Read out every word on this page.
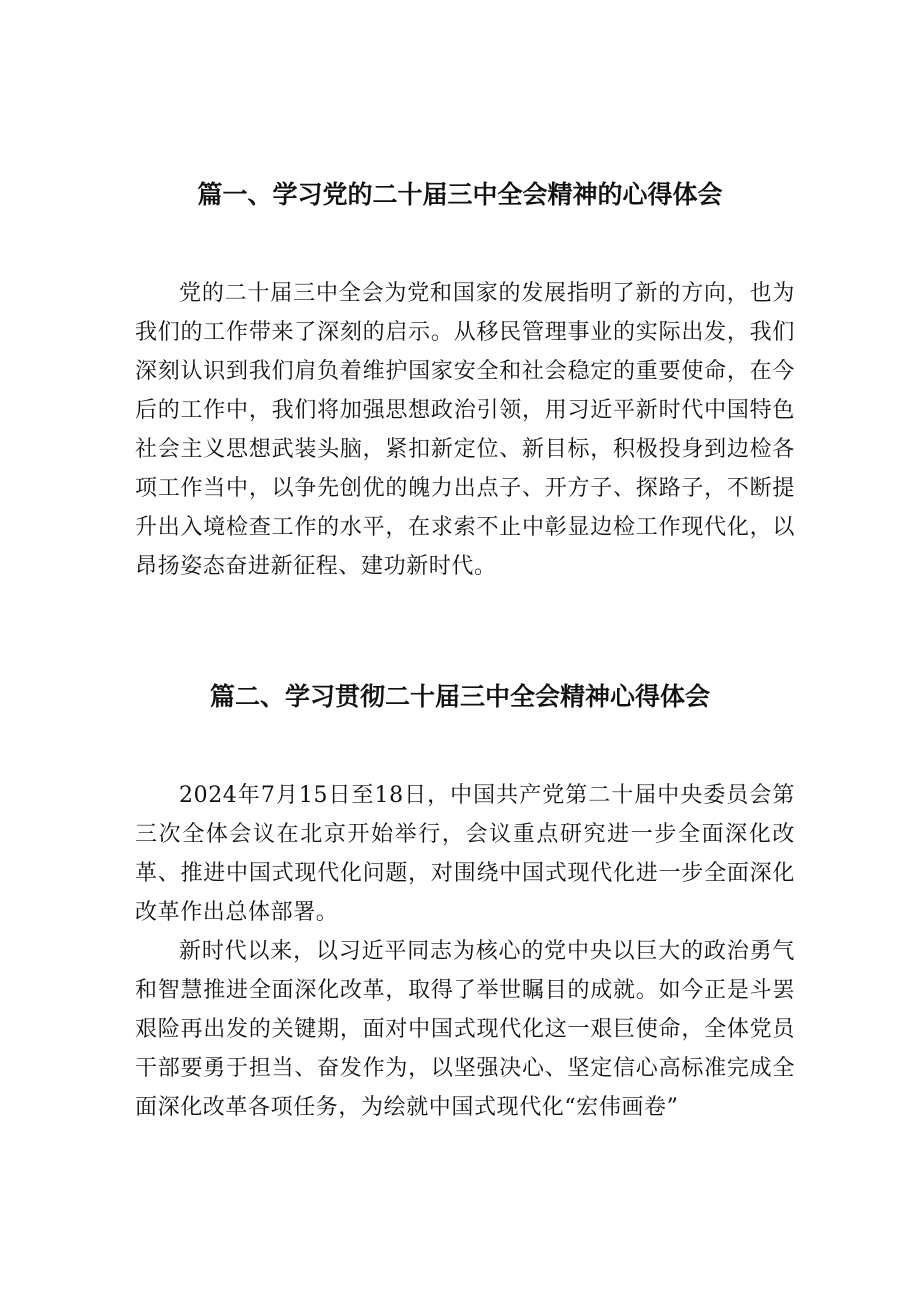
篇一、学习党的二十届三中全会精神的心得体会

党的二十届三中全会为党和国家的发展指明了新的方向，也为我们的工作带来了深刻的启示。从移民管理事业的实际出发，我们深刻认识到我们肩负着维护国家安全和社会稳定的重要使命，在今后的工作中，我们将加强思想政治引领，用习近平新时代中国特色社会主义思想武装头脑，紧扣新定位、新目标，积极投身到边检各项工作当中，以争先创优的魄力出点子、开方子、探路子，不断提升出入境检查工作的水平，在求索不止中彰显边检工作现代化，以昂扬姿态奋进新征程、建功新时代。

篇二、学习贯彻二十届三中全会精神心得体会

2024年7月15日至18日，中国共产党第二十届中央委员会第三次全体会议在北京开始举行，会议重点研究进一步全面深化改革、推进中国式现代化问题，对围绕中国式现代化进一步全面深化改革作出总体部署。

新时代以来，以习近平同志为核心的党中央以巨大的政治勇气和智慧推进全面深化改革，取得了举世瞩目的成就。如今正是斗罢艰险再出发的关键期，面对中国式现代化这一艰巨使命，全体党员干部要勇于担当、奋发作为，以坚强决心、坚定信心高标准完成全面深化改革各项任务，为绘就中国式现代化“宏伟画卷”
